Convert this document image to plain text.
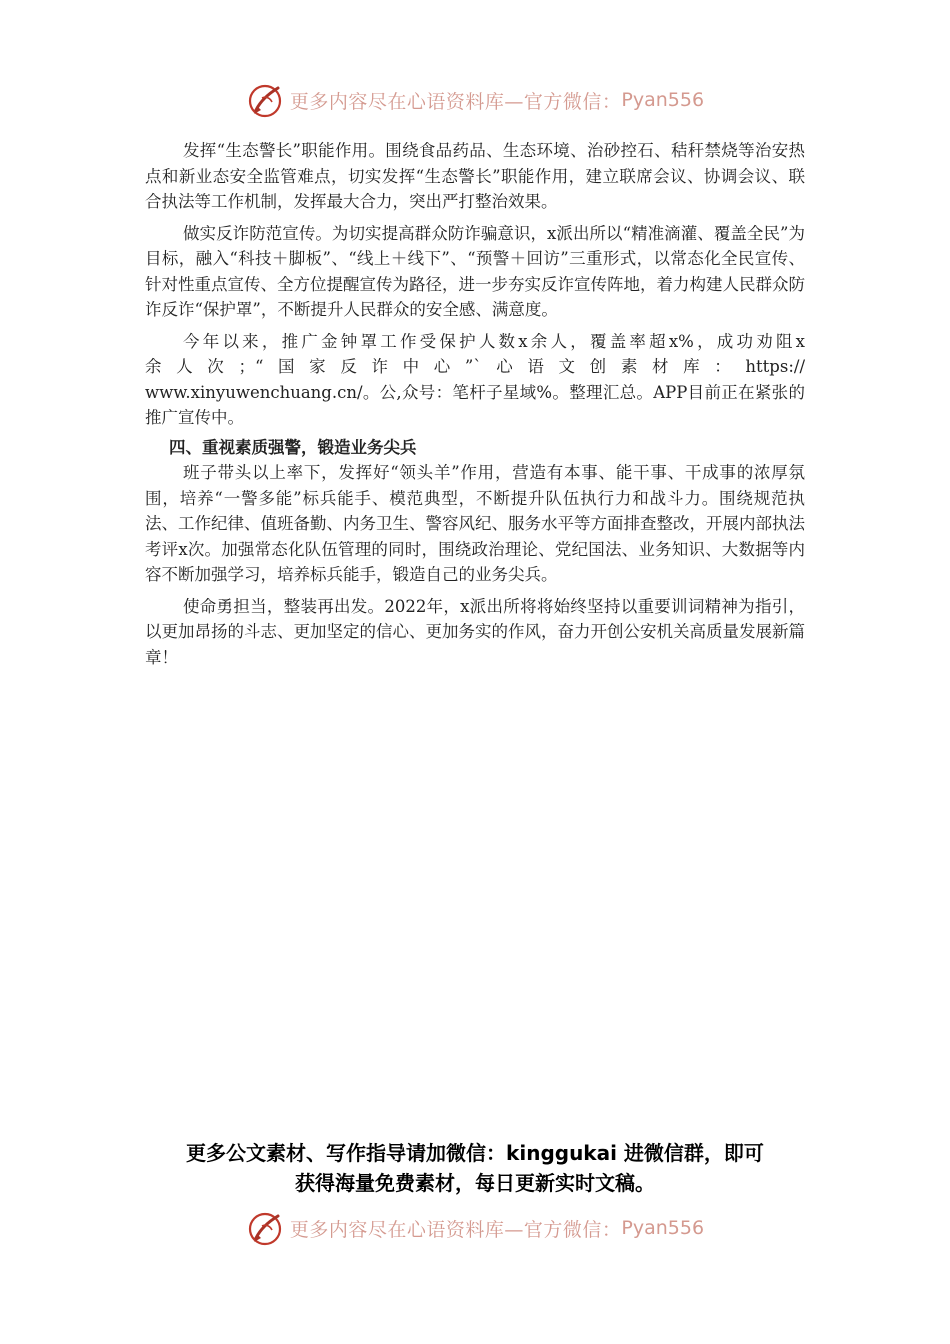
更多内容尽在心语资料库—官方微信： Pyan556

发挥“生态警长”职能作用。围绕食品药品、生态环境、治砂控石、秸秆禁烧等治安热点和新业态安全监管难点，切实发挥“生态警长”职能作用，建立联席会议、协调会议、联合执法等工作机制，发挥最大合力，突出严打整治效果。

做实反诈防范宣传。为切实提高群众防诈骗意识，x派出所以“精准滴灌、覆盖全民”为目标，融入“科技＋脚板”、“线上＋线下”、“预警＋回访”三重形式，以常态化全民宣传、针对性重点宣传、全方位提醒宣传为路径，进一步夯实反诈宣传阵地，着力构建人民群众防诈反诈“保护罩”，不断提升人民群众的安全感、满意度。

今年以来，推广金钟罩工作受保护人数x余人，覆盖率超x%，成功劝阻x

余人次；“国家反诈中心”`心语文创素材库：https://

www.xinyuwenchuang.cn/。公,众号：笔杆子星域%。整理汇总。APP目前正在紧张的推广宣传中。

四、重视素质强警，锻造业务尖兵

班子带头以上率下，发挥好“领头羊”作用，营造有本事、能干事、干成事的浓厚氛围，培养“一警多能”标兵能手、模范典型，不断提升队伍执行力和战斗力。围绕规范执法、工作纪律、值班备勤、内务卫生、警容风纪、服务水平等方面排查整改，开展内部执法考评x次。加强常态化队伍管理的同时，围绕政治理论、党纪国法、业务知识、大数据等内容不断加强学习，培养标兵能手，锻造自己的业务尖兵。

使命勇担当，整装再出发。2022年，x派出所将将始终坚持以重要训词精神为指引，以更加昂扬的斗志、更加坚定的信心、更加务实的作风，奋力开创公安机关高质量发展新篇章！

更多公文素材、写作指导请加微信：kinggukai 进微信群，即可
获得海量免费素材，每日更新实时文稿。
更多内容尽在心语资料库—官方微信： Pyan556
